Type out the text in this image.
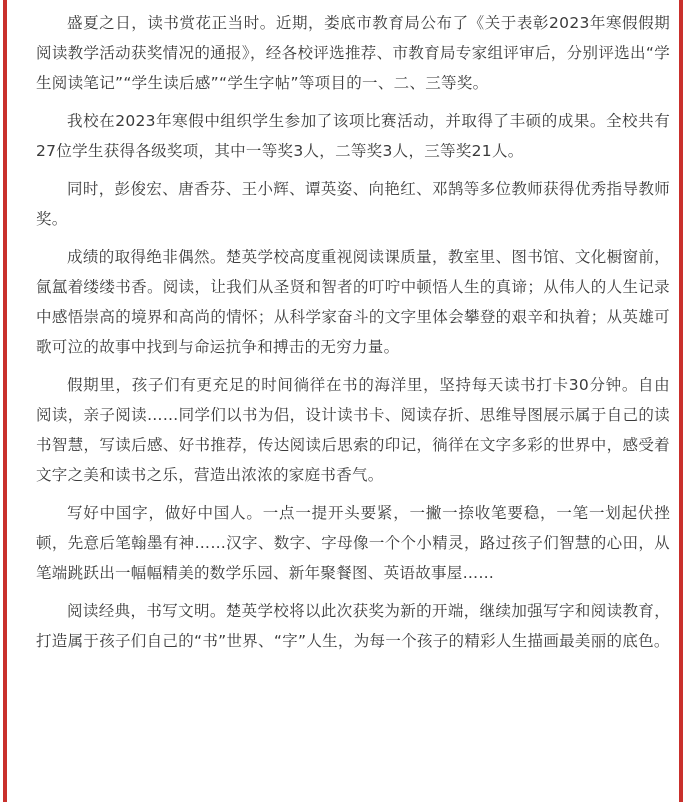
盛夏之日，读书赏花正当时。近期，娄底市教育局公布了《关于表彰2023年寒假假期阅读教学活动获奖情况的通报》，经各校评选推荐、市教育局专家组评审后，分别评选出“学生阅读笔记”“学生读后感”“学生字帖”等项目的一、二、三等奖。

我校在2023年寒假中组织学生参加了该项比赛活动，并取得了丰硕的成果。全校共有27位学生获得各级奖项，其中一等奖3人，二等奖3人，三等奖21人。

同时，彭俊宏、唐香芬、王小辉、谭英姿、向艳红、邓鹄等多位教师获得优秀指导教师奖。

成绩的取得绝非偶然。楚英学校高度重视阅读课质量，教室里、图书馆、文化橱窗前，氤氲着缕缕书香。阅读，让我们从圣贤和智者的叮咛中顿悟人生的真谛；从伟人的人生记录中感悟崇高的境界和高尚的情怀；从科学家奋斗的文字里体会攀登的艰辛和执着；从英雄可歌可泣的故事中找到与命运抗争和搏击的无穷力量。

假期里，孩子们有更充足的时间徜徉在书的海洋里，坚持每天读书打卡30分钟。自由阅读，亲子阅读……同学们以书为侣，设计读书卡、阅读存折、思维导图展示属于自己的读书智慧，写读后感、好书推荐，传达阅读后思索的印记，徜徉在文字多彩的世界中，感受着文字之美和读书之乐，营造出浓浓的家庭书香气。

写好中国字，做好中国人。一点一提开头要紧，一撇一捺收笔要稳，一笔一划起伏挫顿，先意后笔翰墨有神……汉字、数字、字母像一个个小精灵，路过孩子们智慧的心田，从笔端跳跃出一幅幅精美的数学乐园、新年聚餐图、英语故事屋……

阅读经典，书写文明。楚英学校将以此次获奖为新的开端，继续加强写字和阅读教育，打造属于孩子们自己的“书”世界、“字”人生，为每一个孩子的精彩人生描画最美丽的底色。
